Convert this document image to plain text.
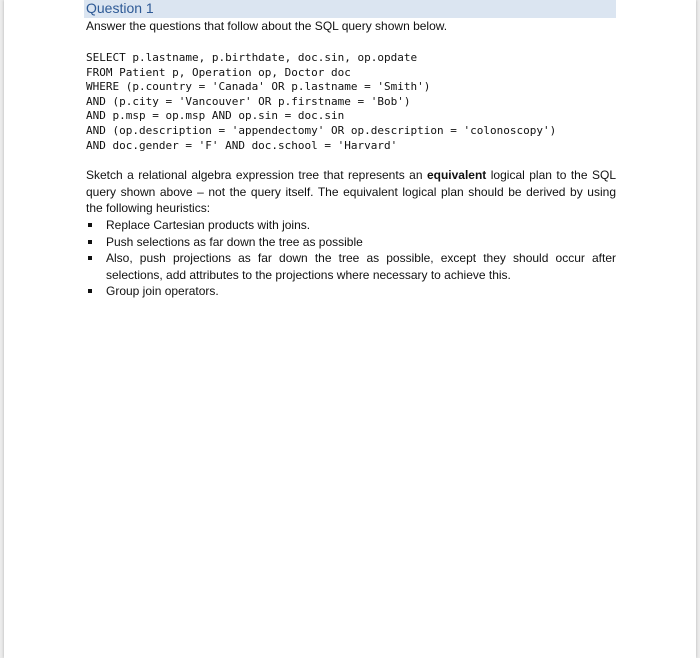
Question 1
Answer the questions that follow about the SQL query shown below.
SELECT p.lastname, p.birthdate, doc.sin, op.opdate
FROM Patient p, Operation op, Doctor doc
WHERE (p.country = 'Canada' OR p.lastname = 'Smith')
AND (p.city = 'Vancouver' OR p.firstname = 'Bob')
AND p.msp = op.msp AND op.sin = doc.sin
AND (op.description = 'appendectomy' OR op.description = 'colonoscopy')
AND doc.gender = 'F' AND doc.school = 'Harvard'
Sketch a relational algebra expression tree that represents an equivalent logical plan to the SQL query shown above – not the query itself. The equivalent logical plan should be derived by using the following heuristics:
Replace Cartesian products with joins.
Push selections as far down the tree as possible
Also, push projections as far down the tree as possible, except they should occur after selections, add attributes to the projections where necessary to achieve this.
Group join operators.
